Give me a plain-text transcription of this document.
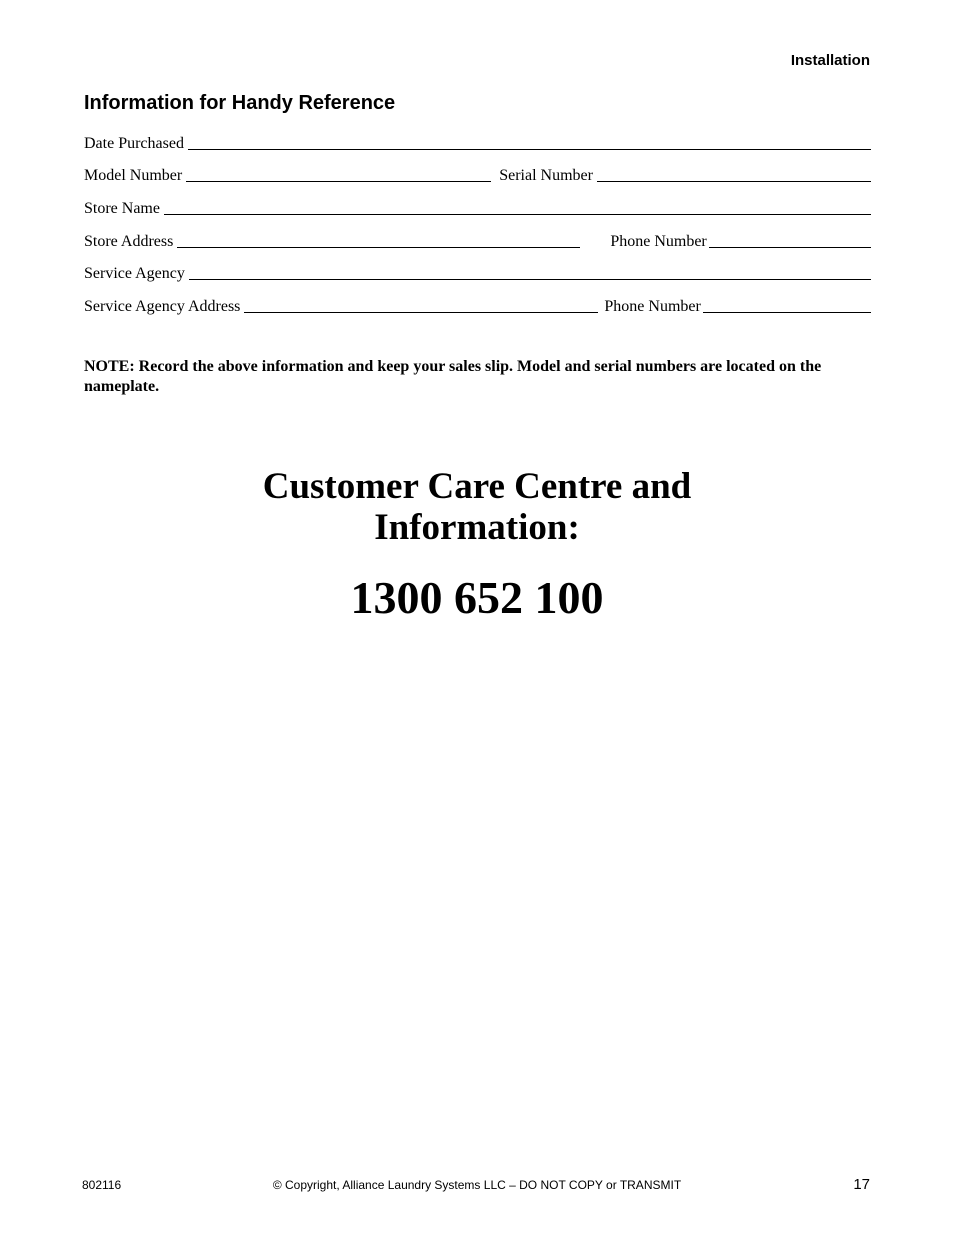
Installation
Information for Handy Reference
Date Purchased
Model Number	Serial Number
Store Name
Store Address	Phone Number
Service Agency
Service Agency Address	Phone Number
NOTE: Record the above information and keep your sales slip. Model and serial numbers are located on the nameplate.
Customer Care Centre and
Information:
1300 652 100
802116	© Copyright, Alliance Laundry Systems LLC – DO NOT COPY or TRANSMIT	17
